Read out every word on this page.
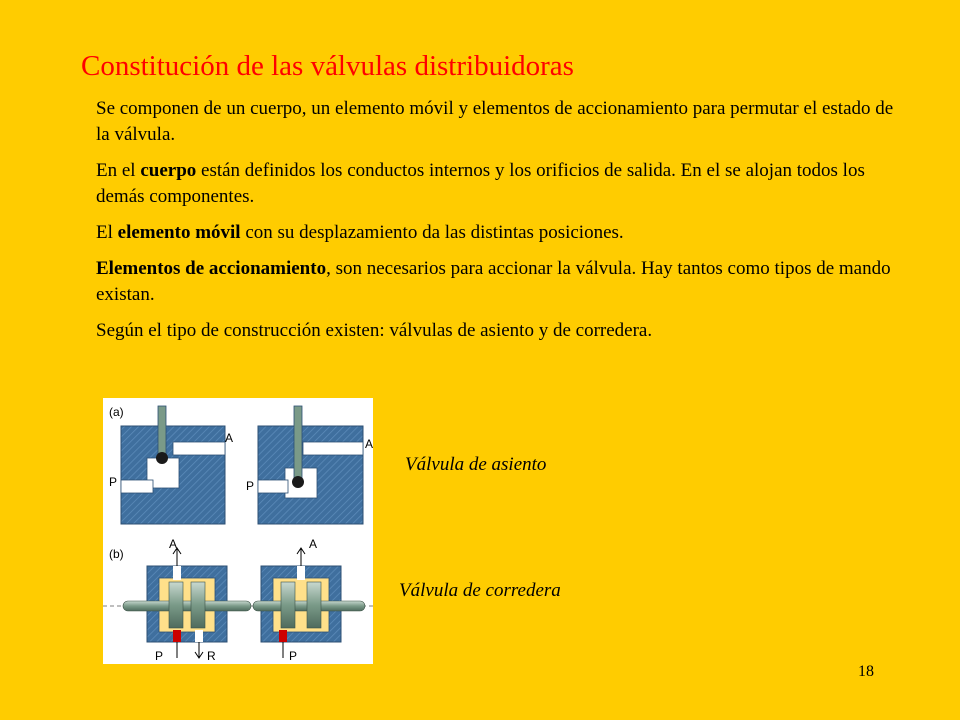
Constitución de las válvulas distribuidoras

Se componen de un cuerpo, un elemento móvil y elementos de accionamiento para permutar el estado de la válvula.

En el cuerpo están definidos los conductos internos y los orificios de salida. En el se alojan todos los demás componentes.

El elemento móvil con su desplazamiento da las distintas posiciones.

Elementos de accionamiento, son necesarios para accionar la válvula. Hay tantos como tipos de mando existan.

Según el tipo de construcción existen: válvulas de asiento y de corredera.

(a)
A
P
A
P
(b)
A
P	R
A
P
Válvula de asiento
Válvula de corredera
18
